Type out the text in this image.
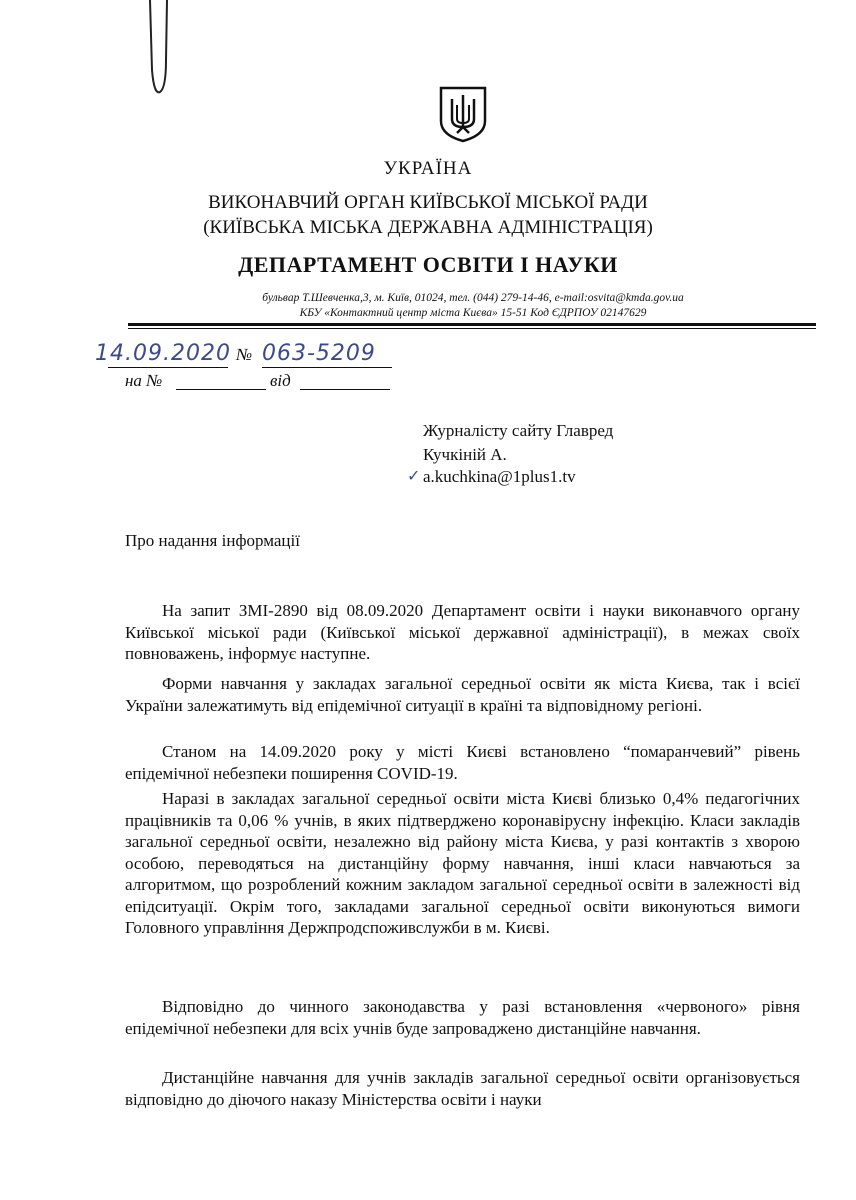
УКРАЇНА
ВИКОНАВЧИЙ ОРГАН КИЇВСЬКОЇ МІСЬКОЇ РАДИ
(КИЇВСЬКА МІСЬКА ДЕРЖАВНА АДМІНІСТРАЦІЯ)
ДЕПАРТАМЕНТ ОСВІТИ І НАУКИ
бульвар Т.Шевченка,3, м. Київ, 01024, тел. (044) 279-14-46, e-mail:osvita@kmda.gov.ua
КБУ «Контактний центр міста Києва» 15-51 Код ЄДРПОУ 02147629
14.09.2020 № 063-5209
на №	від
Журналісту сайту Главред
Кучкіній А.
✓ a.kuchkina@1plus1.tv
Про надання інформації
На запит ЗМІ-2890 від 08.09.2020 Департамент освіти і науки виконавчого органу Київської міської ради (Київської міської державної адміністрації), в межах своїх повноважень, інформує наступне.
Форми навчання у закладах загальної середньої освіти як міста Києва, так і всієї України залежатимуть від епідемічної ситуації в країні та відповідному регіоні.
Станом на 14.09.2020 року у місті Києві встановлено “помаранчевий” рівень епідемічної небезпеки поширення COVID-19.
Наразі в закладах загальної середньої освіти міста Києві близько 0,4% педагогічних працівників та 0,06 % учнів, в яких підтверджено коронавірусну інфекцію. Класи закладів загальної середньої освіти, незалежно від району міста Києва, у разі контактів з хворою особою, переводяться на дистанційну форму навчання, інші класи навчаються за алгоритмом, що розроблений кожним закладом загальної середньої освіти в залежності від епідситуації. Окрім того, закладами загальної середньої освіти виконуються вимоги Головного управління Держпродспоживслужби в м. Києві.
Відповідно до чинного законодавства у разі встановлення «червоного» рівня епідемічної небезпеки для всіх учнів буде запроваджено дистанційне навчання.
Дистанційне навчання для учнів закладів загальної середньої освіти організовується відповідно до діючого наказу Міністерства освіти і науки
